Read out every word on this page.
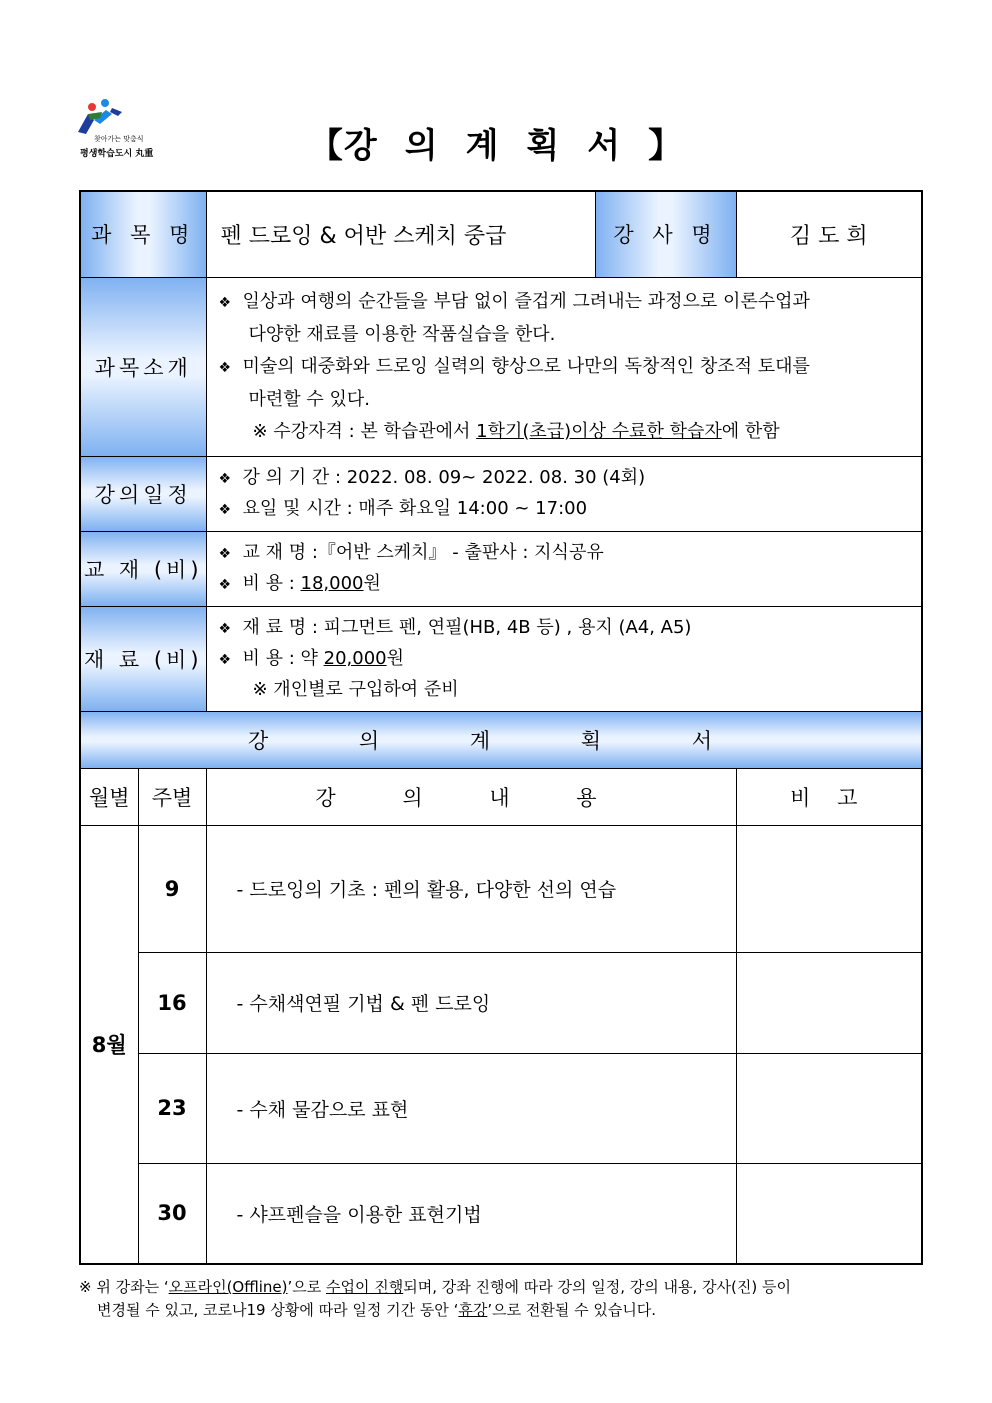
찾아가는 맞춤식
평생학습도시 丸重	【강의계획서】
과 목 명		펜 드로잉 & 어반 스케치 중급	강 사 명	김 도 희
과목소개		❖ 일상과 여행의 순간들을 부담 없이 즐겁게 그려내는 과정으로 이론수업과
다양한 재료를 이용한 작품실습을 한다.
❖ 미술의 대중화와 드로잉 실력의 향상으로 나만의 독창적인 창조적 토대를
마련할 수 있다.
※ 수강자격 : 본 학습관에서 1학기(초급)이상 수료한 학습자에 한함		

강의일정		❖ 강 의 기 간 : 2022. 08. 09~ 2022. 08. 30 (4회)
❖ 요일 및 시간 : 매주 화요일 14:00 ~ 17:00		

교 재 (비)		❖ 교 재 명 :『어반 스케치』 - 출판사 : 지식공유
❖ 비 용 : 18,000원		

재 료 (비)		❖ 재 료 명 : 피그먼트 펜, 연필(HB, 4B 등) , 용지 (A4, A5)
❖ 비 용 : 약 20,000원
※ 개인별로 구입하여 준비		

강 의 계 획 서				
월별	주별	강 의 내 용		비 고
8월	9	- 드로잉의 기초 : 펜의 활용, 다양한 선의 연습		
	16	- 수채색연필 기법 & 펜 드로잉		
	23	- 수채 물감으로 표현		
	30	- 샤프펜슬을 이용한 표현기법		
※ 위 강좌는 ‘오프라인(Offline)’으로 수업이 진행되며, 강좌 진행에 따라 강의 일정, 강의 내용, 강사(진) 등이
변경될 수 있고, 코로나19 상황에 따라 일정 기간 동안 ‘휴강’으로 전환될 수 있습니다.
